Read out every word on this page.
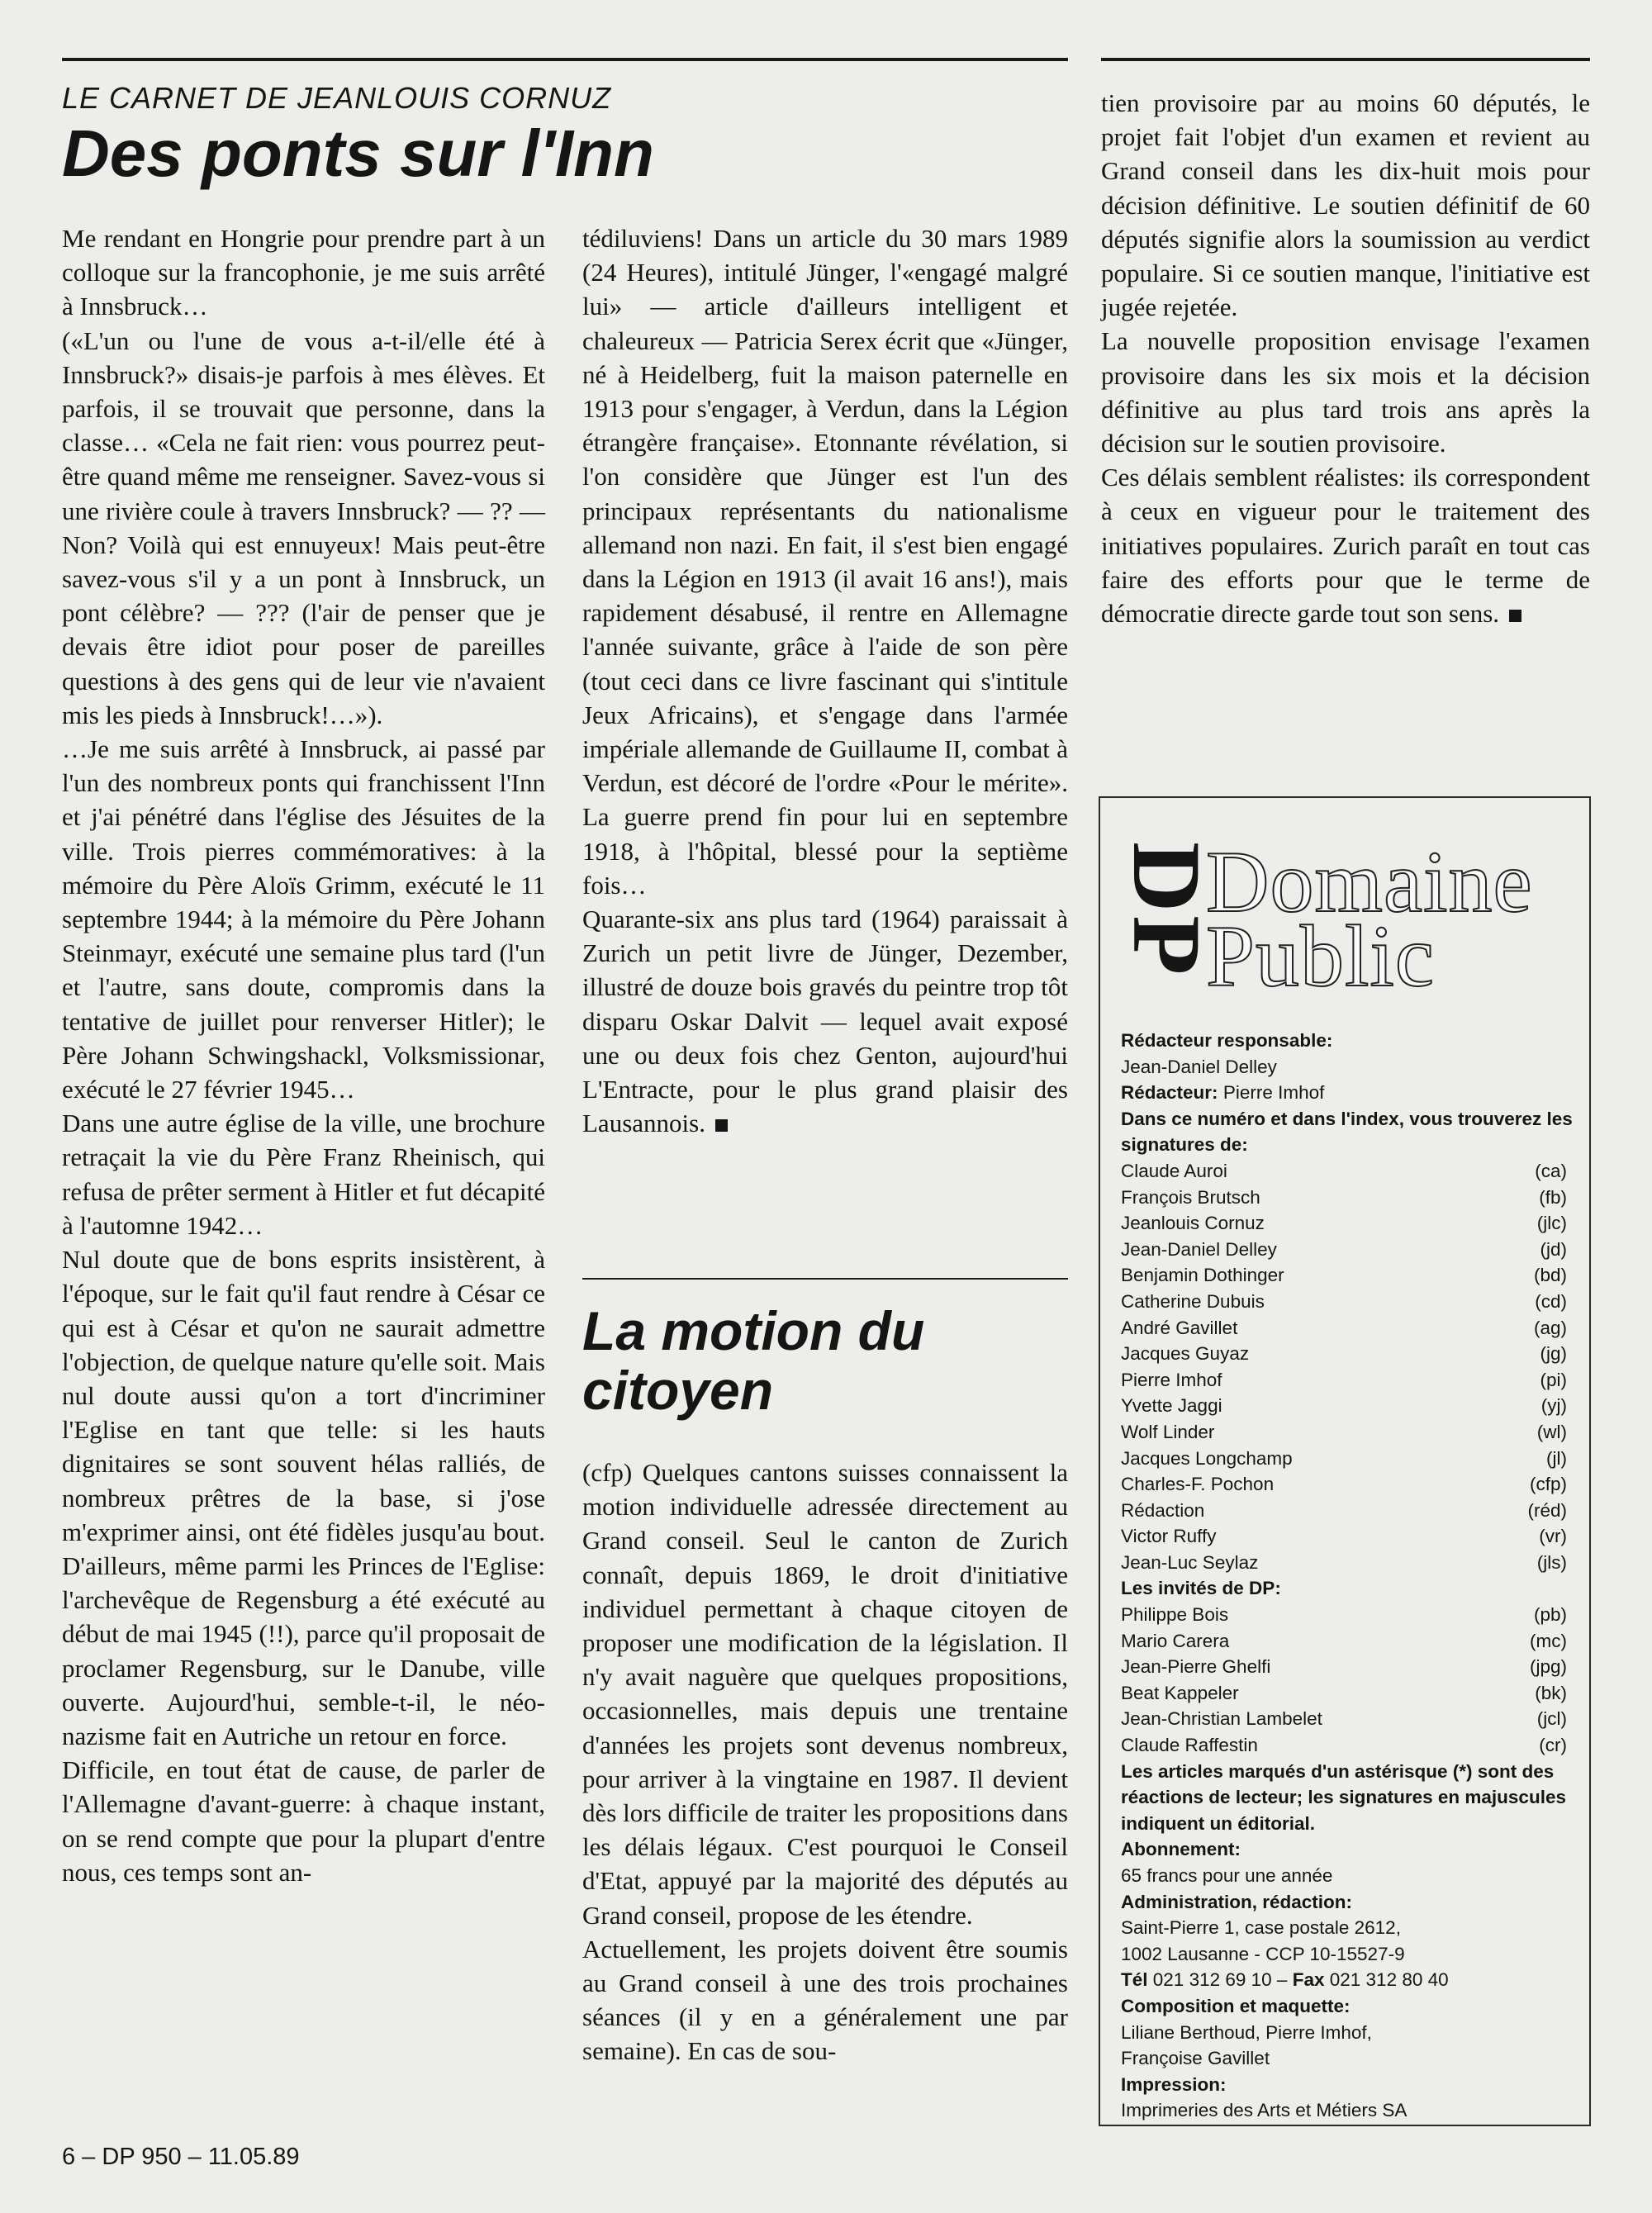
LE CARNET DE JEANLOUIS CORNUZ
Des ponts sur l'Inn

Me rendant en Hongrie pour prendre part à un colloque sur la francophonie, je me suis arrêté à Innsbruck…

(«L'un ou l'une de vous a-t-il/elle été à Innsbruck?» disais-je parfois à mes élèves. Et parfois, il se trouvait que personne, dans la classe… «Cela ne fait rien: vous pourrez peut-être quand même me renseigner. Savez-vous si une rivière coule à travers Innsbruck? — ?? — Non? Voilà qui est ennuyeux! Mais peut-être savez-vous s'il y a un pont à Innsbruck, un pont célèbre? — ??? (l'air de penser que je devais être idiot pour poser de pareilles questions à des gens qui de leur vie n'avaient mis les pieds à Innsbruck!…»).

…Je me suis arrêté à Innsbruck, ai passé par l'un des nombreux ponts qui franchissent l'Inn et j'ai pénétré dans l'église des Jésuites de la ville. Trois pierres commémoratives: à la mémoire du Père Aloïs Grimm, exécuté le 11 septembre 1944; à la mémoire du Père Johann Steinmayr, exécuté une semaine plus tard (l'un et l'autre, sans doute, compromis dans la tentative de juillet pour renverser Hitler); le Père Johann Schwingshackl, Volksmissionar, exécuté le 27 février 1945…

Dans une autre église de la ville, une brochure retraçait la vie du Père Franz Rheinisch, qui refusa de prêter serment à Hitler et fut décapité à l'automne 1942…

Nul doute que de bons esprits insistèrent, à l'époque, sur le fait qu'il faut rendre à César ce qui est à César et qu'on ne saurait admettre l'objection, de quelque nature qu'elle soit. Mais nul doute aussi qu'on a tort d'incriminer l'Eglise en tant que telle: si les hauts dignitaires se sont souvent hélas ralliés, de nombreux prêtres de la base, si j'ose m'exprimer ainsi, ont été fidèles jusqu'au bout. D'ailleurs, même parmi les Princes de l'Eglise: l'archevêque de Regensburg a été exécuté au début de mai 1945 (!!), parce qu'il proposait de proclamer Regensburg, sur le Danube, ville ouverte. Aujourd'hui, semble-t-il, le néo-nazisme fait en Autriche un retour en force.

Difficile, en tout état de cause, de parler de l'Allemagne d'avant-guerre: à chaque instant, on se rend compte que pour la plupart d'entre nous, ces temps sont an-

tédiluviens! Dans un article du 30 mars 1989 (24 Heures), intitulé Jünger, l'«engagé malgré lui» — article d'ailleurs intelligent et chaleureux — Patricia Serex écrit que «Jünger, né à Heidelberg, fuit la maison paternelle en 1913 pour s'engager, à Verdun, dans la Légion étrangère française». Etonnante révélation, si l'on considère que Jünger est l'un des principaux représentants du nationalisme allemand non nazi. En fait, il s'est bien engagé dans la Légion en 1913 (il avait 16 ans!), mais rapidement désabusé, il rentre en Allemagne l'année suivante, grâce à l'aide de son père (tout ceci dans ce livre fascinant qui s'intitule Jeux Africains), et s'engage dans l'armée impériale allemande de Guillaume II, combat à Verdun, est décoré de l'ordre «Pour le mérite». La guerre prend fin pour lui en septembre 1918, à l'hôpital, blessé pour la septième fois…

Quarante-six ans plus tard (1964) paraissait à Zurich un petit livre de Jünger, Dezember, illustré de douze bois gravés du peintre trop tôt disparu Oskar Dalvit — lequel avait exposé une ou deux fois chez Genton, aujourd'hui L'Entracte, pour le plus grand plaisir des Lausannois.

La motion du citoyen

(cfp) Quelques cantons suisses connaissent la motion individuelle adressée directement au Grand conseil. Seul le canton de Zurich connaît, depuis 1869, le droit d'initiative individuel permettant à chaque citoyen de proposer une modification de la législation. Il n'y avait naguère que quelques propositions, occasionnelles, mais depuis une trentaine d'années les projets sont devenus nombreux, pour arriver à la vingtaine en 1987. Il devient dès lors difficile de traiter les propositions dans les délais légaux. C'est pourquoi le Conseil d'Etat, appuyé par la majorité des députés au Grand conseil, propose de les étendre.

Actuellement, les projets doivent être soumis au Grand conseil à une des trois prochaines séances (il y en a généralement une par semaine). En cas de sou-

tien provisoire par au moins 60 députés, le projet fait l'objet d'un examen et revient au Grand conseil dans les dix-huit mois pour décision définitive. Le soutien définitif de 60 députés signifie alors la soumission au verdict populaire. Si ce soutien manque, l'initiative est jugée rejetée.

La nouvelle proposition envisage l'examen provisoire dans les six mois et la décision définitive au plus tard trois ans après la décision sur le soutien provisoire.

Ces délais semblent réalistes: ils correspondent à ceux en vigueur pour le traitement des initiatives populaires. Zurich paraît en tout cas faire des efforts pour que le terme de démocratie directe garde tout son sens.

DP
Domaine
Public
Rédacteur responsable:
Jean-Daniel Delley
Rédacteur: Pierre Imhof
Dans ce numéro et dans l'index, vous trouverez les signatures de:
Claude Auroi	(ca)
François Brutsch	(fb)
Jeanlouis Cornuz	(jlc)
Jean-Daniel Delley	(jd)
Benjamin Dothinger	(bd)
Catherine Dubuis	(cd)
André Gavillet	(ag)
Jacques Guyaz	(jg)
Pierre Imhof	(pi)
Yvette Jaggi	(yj)
Wolf Linder	(wl)
Jacques Longchamp	(jl)
Charles-F. Pochon	(cfp)
Rédaction	(réd)
Victor Ruffy	(vr)
Jean-Luc Seylaz	(jls)
Les invités de DP:
Philippe Bois	(pb)
Mario Carera	(mc)
Jean-Pierre Ghelfi	(jpg)
Beat Kappeler	(bk)
Jean-Christian Lambelet	(jcl)
Claude Raffestin	(cr)
Les articles marqués d'un astérisque (*) sont des réactions de lecteur; les signatures en majuscules indiquent un éditorial.
Abonnement:
65 francs pour une année
Administration, rédaction:
Saint-Pierre 1, case postale 2612,
1002 Lausanne - CCP 10-15527-9
Tél 021 312 69 10 – Fax 021 312 80 40
Composition et maquette:
Liliane Berthoud, Pierre Imhof,
Françoise Gavillet
Impression:
Imprimeries des Arts et Métiers SA
6 – DP 950 – 11.05.89
